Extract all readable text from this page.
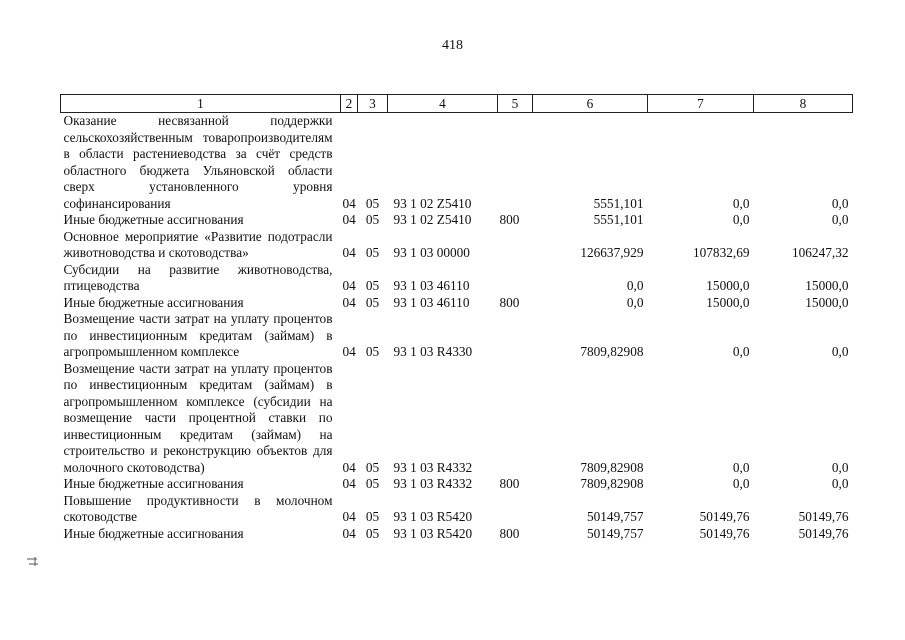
418
1	2	3	4	5	6	7	8
Оказание несвязанной поддержки сельскохозяйственным товаропроизводителям в области растениеводства за счёт средств областного бюджета Ульяновской области сверх установленного уровня софинансирования	04	05	93 1 02 Z5410		5551,101	0,0	0,0
Иные бюджетные ассигнования	04	05	93 1 02 Z5410	800	5551,101	0,0	0,0
Основное мероприятие «Развитие подотрасли животноводства и скотоводства»	04	05	93 1 03 00000		126637,929	107832,69	106247,32
Субсидии на развитие животноводства, птицеводства	04	05	93 1 03 46110		0,0	15000,0	15000,0
Иные бюджетные ассигнования	04	05	93 1 03 46110	800	0,0	15000,0	15000,0
Возмещение части затрат на уплату процентов по инвестиционным кредитам (займам) в агропромышленном комплексе	04	05	93 1 03 R4330		7809,82908	0,0	0,0
Возмещение части затрат на уплату процентов по инвестиционным кредитам (займам) в агропромышленном комплексе (субсидии на возмещение части процентной ставки по инвестиционным кредитам (займам) на строительство и реконструкцию объектов для молочного скотоводства)	04	05	93 1 03 R4332		7809,82908	0,0	0,0
Иные бюджетные ассигнования	04	05	93 1 03 R4332	800	7809,82908	0,0	0,0
Повышение продуктивности в молочном скотоводстве	04	05	93 1 03 R5420		50149,757	50149,76	50149,76
Иные бюджетные ассигнования	04	05	93 1 03 R5420	800	50149,757	50149,76	50149,76
